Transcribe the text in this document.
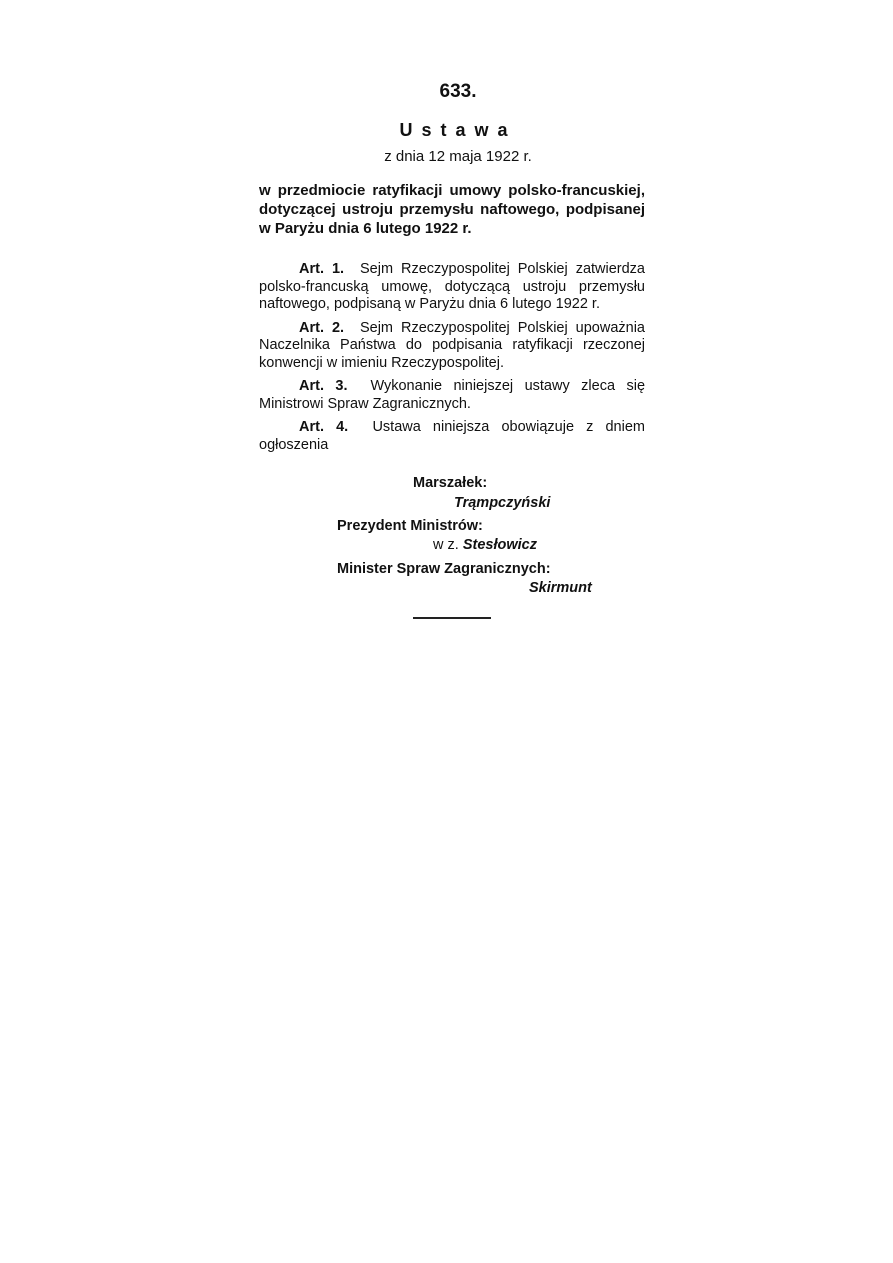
633.
Ustawa
z dnia 12 maja 1922 r.
w przedmiocie ratyfikacji umowy polsko-francuskiej, dotyczącej ustroju przemysłu naftowego, podpisanej w Paryżu dnia 6 lutego 1922 r.

Art. 1. Sejm Rzeczypospolitej Polskiej zatwierdza polsko-francuską umowę, dotyczącą ustroju przemysłu naftowego, podpisaną w Paryżu dnia 6 lutego 1922 r.

Art. 2. Sejm Rzeczypospolitej Polskiej upoważnia Naczelnika Państwa do podpisania ratyfikacji rzeczonej konwencji w imieniu Rzeczypospolitej.

Art. 3. Wykonanie niniejszej ustawy zleca się Ministrowi Spraw Zagranicznych.

Art. 4. Ustawa niniejsza obowiązuje z dniem ogłoszenia

Marszałek:
Trąmpczyński
Prezydent Ministrów:
w z. Stesłowicz
Minister Spraw Zagranicznych:
Skirmunt
